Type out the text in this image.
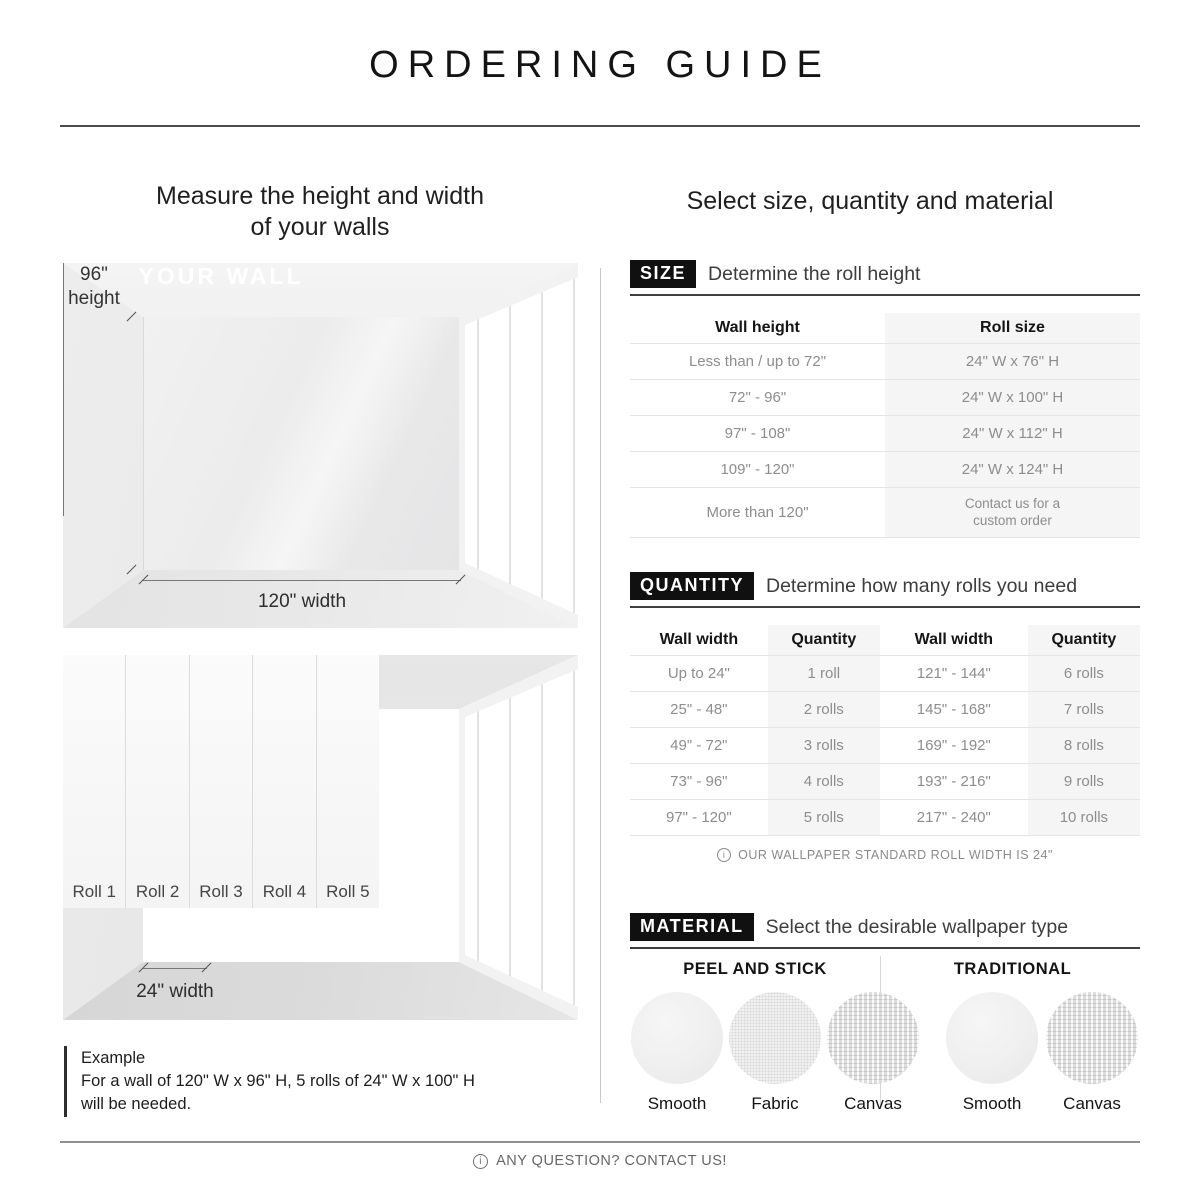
ORDERING GUIDE
Measure the height and width
of your walls
Select size, quantity and material
YOUR WALL
96"
height
120" width
Roll 1	Roll 2	Roll 3	Roll 4	Roll 5
24" width
Example
For a wall of 120" W x 96" H, 5 rolls of 24" W x 100" H
will be needed.
SIZE	Determine the roll height
Wall height	Roll size
Less than / up to 72"	24" W x 76" H
72" - 96"	24" W x 100" H
97" - 108"	24" W x 112" H
109" - 120"	24" W x 124" H
More than 120"	Contact us for a custom order
QUANTITY	Determine how many rolls you need
Wall width	Quantity	Wall width	Quantity
Up to 24"	1 roll	121" - 144"	6 rolls
25" - 48"	2 rolls	145" - 168"	7 rolls
49" - 72"	3 rolls	169" - 192"	8 rolls
73" - 96"	4 rolls	193" - 216"	9 rolls
97" - 120"	5 rolls	217" - 240"	10 rolls
i	OUR WALLPAPER STANDARD ROLL WIDTH IS 24"
MATERIAL	Select the desirable wallpaper type
PEEL AND STICK	TRADITIONAL
Smooth	Fabric	Canvas	Smooth	Canvas
i ANY QUESTION? CONTACT US!
